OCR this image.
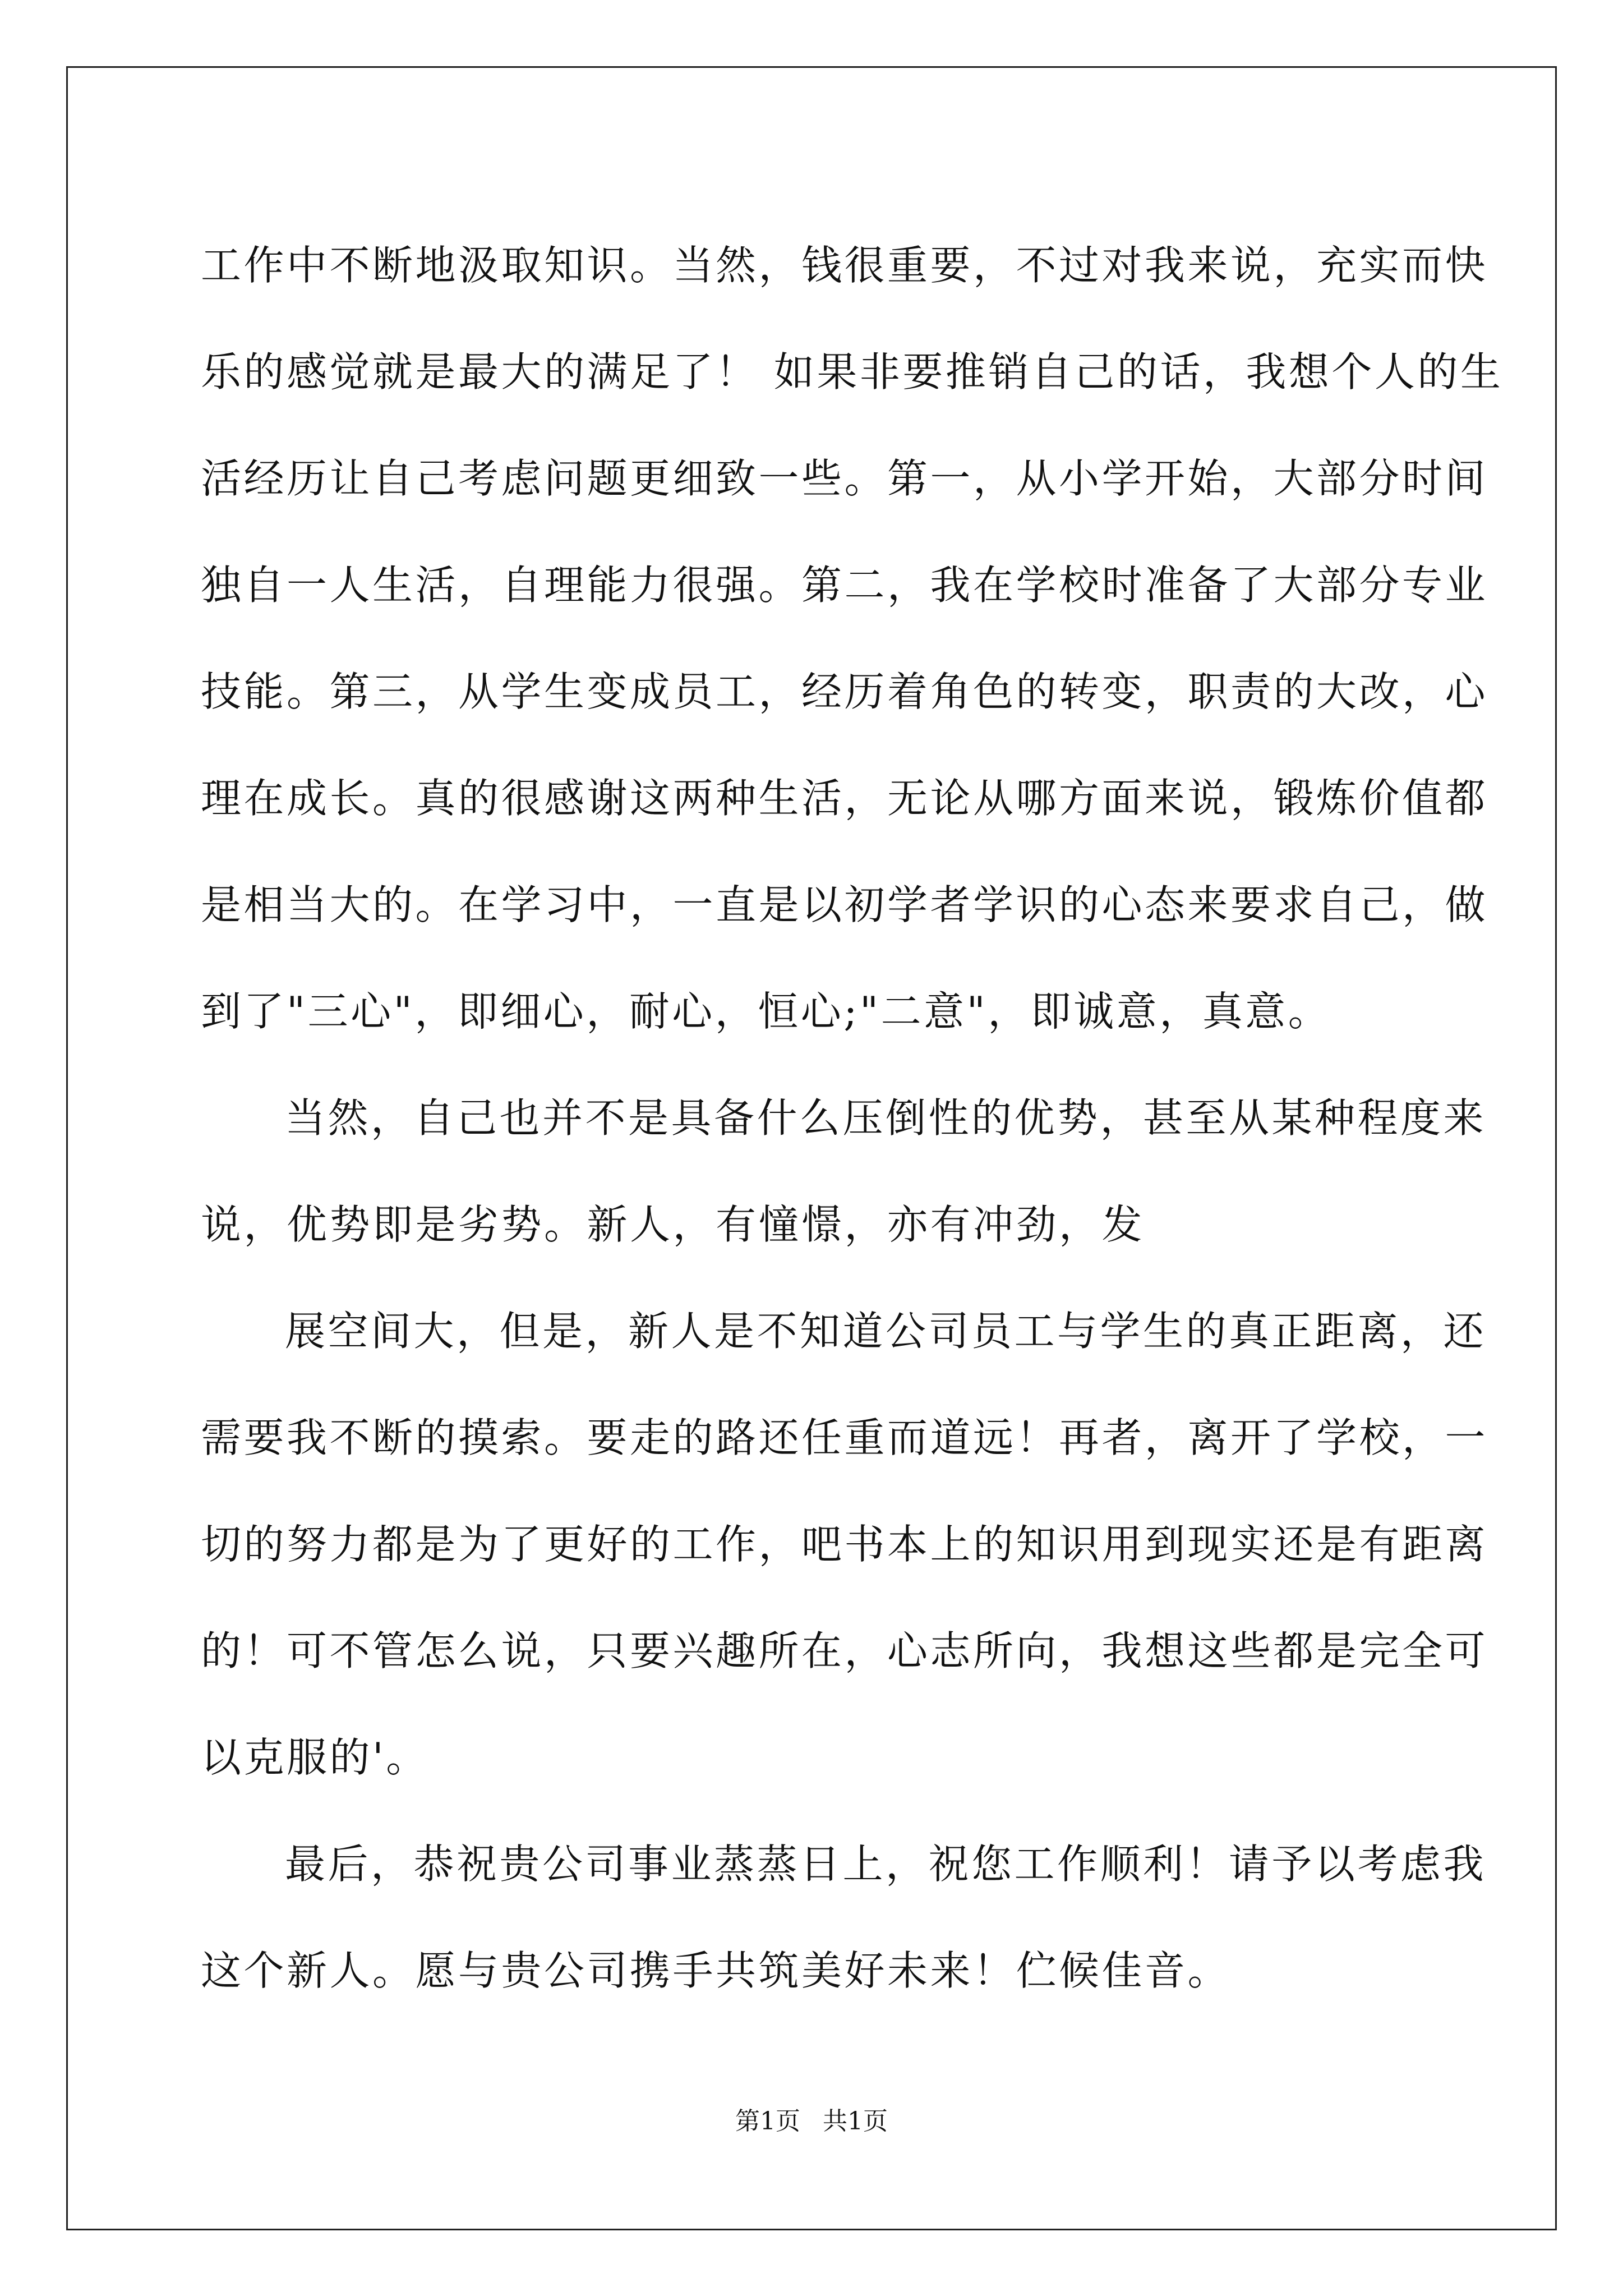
工作中不断地汲取知识。当然，钱很重要，不过对我来说，充实而快
乐的感觉就是最大的满足了！ 如果非要推销自己的话，我想个人的生
活经历让自己考虑问题更细致一些。第一，从小学开始，大部分时间
独自一人生活，自理能力很强。第二，我在学校时准备了大部分专业
技能。第三，从学生变成员工，经历着角色的转变，职责的大改，心
理在成长。真的很感谢这两种生活，无论从哪方面来说，锻炼价值都
是相当大的。在学习中，一直是以初学者学识的心态来要求自己，做
到了"三心"，即细心，耐心，恒心;"二意"，即诚意，真意。
当然，自己也并不是具备什么压倒性的优势，甚至从某种程度来
说，优势即是劣势。新人，有憧憬，亦有冲劲，发
展空间大，但是，新人是不知道公司员工与学生的真正距离，还
需要我不断的摸索。要走的路还任重而道远！再者，离开了学校，一
切的努力都是为了更好的工作，吧书本上的知识用到现实还是有距离
的！可不管怎么说，只要兴趣所在，心志所向，我想这些都是完全可
以克服的'。
最后，恭祝贵公司事业蒸蒸日上，祝您工作顺利！请予以考虑我
这个新人。愿与贵公司携手共筑美好未来！伫候佳音。
第1页 共1页
